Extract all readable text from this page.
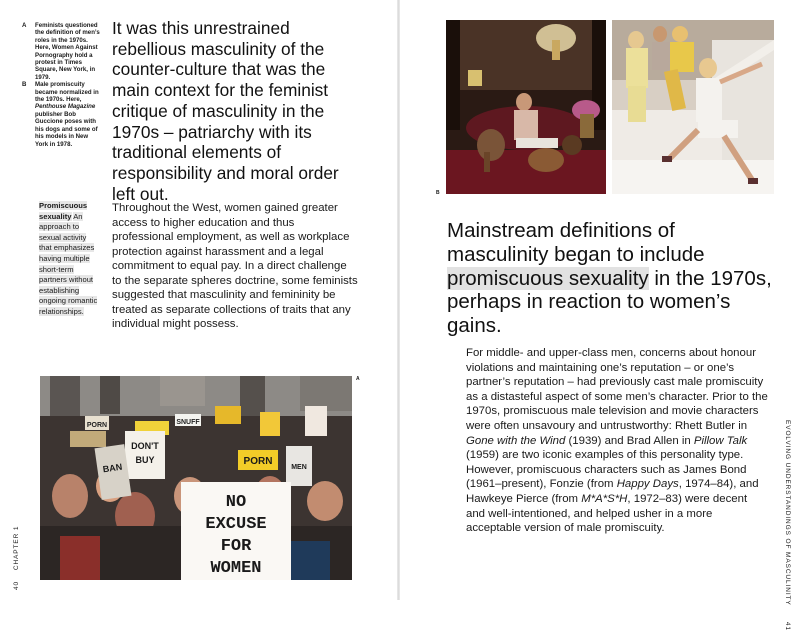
A	Feminists questioned the definition of men’s roles in the 1970s. Here, Women Against Pornography hold a protest in Times Square, New York, in 1979.
B	Male promiscuity became normalized in the 1970s. Here, Penthouse Magazine publisher Bob Guccione poses with his dogs and some of his models in New York in 1978.
It was this unrestrained rebellious masculinity of the counter-culture that was the main context for the feminist critique of masculinity in the 1970s – patriarchy with its traditional elements of responsibility and moral order left out.
Promiscuous sexuality An approach to sexual activity that emphasizes having multiple short-term partners without establishing ongoing romantic relationships.
Throughout the West, women gained greater access to higher education and thus professional employment, as well as workplace protection against harassment and a legal commitment to equal pay. In a direct challenge to the separate spheres doctrine, some feminists suggested that masculinity and femininity be treated as separate collections of traits that any individual might possess.
PORN	SNUFF
DON'T
BUY
BAN
PORN
MEN
NO
EXCUSE
FOR
WOMEN
A
40    CHAPTER 1
B
Mainstream definitions of masculinity began to include promiscuous sexuality in the 1970s, perhaps in reaction to women’s gains.
For middle- and upper-class men, concerns about honour violations and maintaining one’s reputation – or one’s partner’s reputation – had previously cast male promiscuity as a distasteful aspect of some men’s character. Prior to the 1970s, promiscuous male television and movie characters were often unsavoury and untrustworthy: Rhett Butler in Gone with the Wind (1939) and Brad Allen in Pillow Talk (1959) are two iconic examples of this personality type. However, promiscuous characters such as James Bond (1961–present), Fonzie (from Happy Days, 1974–84), and Hawkeye Pierce (from M*A*S*H, 1972–83) were decent and well-intentioned, and helped usher in a more acceptable version of male promiscuity.	EVOLVING UNDERSTANDINGS OF MASCULINITY      41
